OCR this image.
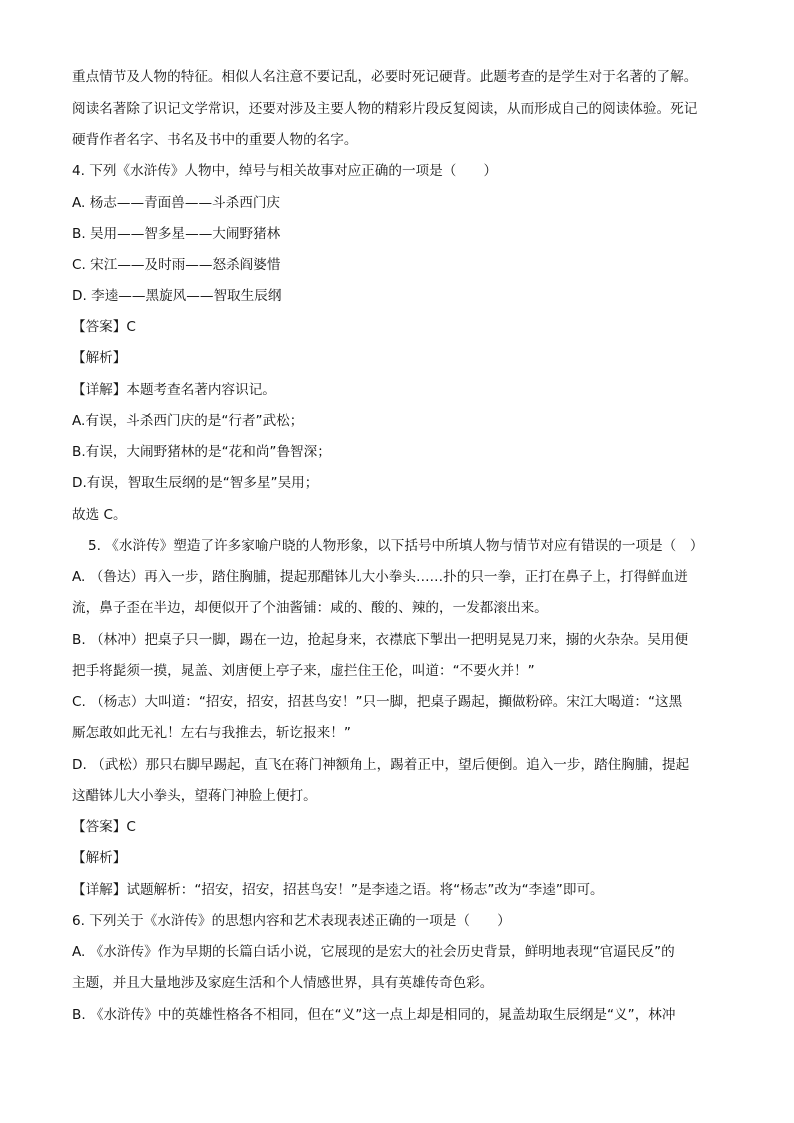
重点情节及人物的特征。相似人名注意不要记乱，必要时死记硬背。此题考查的是学生对于名著的了解。
阅读名著除了识记文学常识，还要对涉及主要人物的精彩片段反复阅读，从而形成自己的阅读体验。死记
硬背作者名字、书名及书中的重要人物的名字。
4. 下列《水浒传》人物中，绰号与相关故事对应正确的一项是（　　）
A. 杨志——青面兽——斗杀西门庆
B. 吴用——智多星——大闹野猪林
C. 宋江——及时雨——怒杀阎婆惜
D. 李逵——黑旋风——智取生辰纲
【答案】C
【解析】
【详解】本题考查名著内容识记。
A.有误，斗杀西门庆的是“行者”武松；
B.有误，大闹野猪林的是“花和尚”鲁智深；
D.有误，智取生辰纲的是“智多星”吴用；
故选 C。
5. 《水浒传》塑造了许多家喻户晓的人物形象，以下括号中所填人物与情节对应有错误的一项是（　）
A. （鲁达）再入一步，踏住胸脯，提起那醋钵儿大小拳头……扑的只一拳，正打在鼻子上，打得鲜血迸
流，鼻子歪在半边，却便似开了个油酱铺：咸的、酸的、辣的，一发都滚出来。
B. （林冲）把桌子只一脚，踢在一边，抢起身来，衣襟底下掣出一把明晃晃刀来，搦的火杂杂。吴用便
把手将髭须一摸，晁盖、刘唐便上亭子来，虚拦住王伦，叫道：“不要火并！”
C. （杨志）大叫道：“招安，招安，招甚鸟安！”只一脚，把桌子踢起，攧做粉碎。宋江大喝道：“这黑
厮怎敢如此无礼！左右与我推去，斩讫报来！”
D. （武松）那只右脚早踢起，直飞在蒋门神额角上，踢着正中，望后便倒。追入一步，踏住胸脯，提起
这醋钵儿大小拳头，望蒋门神脸上便打。
【答案】C
【解析】
【详解】试题解析：“招安，招安，招甚鸟安！”是李逵之语。将“杨志”改为“李逵”即可。
6. 下列关于《水浒传》的思想内容和艺术表现表述正确的一项是（　　）
A. 《水浒传》作为早期的长篇白话小说，它展现的是宏大的社会历史背景，鲜明地表现“官逼民反”的
主题，并且大量地涉及家庭生活和个人情感世界，具有英雄传奇色彩。
B. 《水浒传》中的英雄性格各不相同，但在“义”这一点上却是相同的，晁盖劫取生辰纲是“义”，林冲
